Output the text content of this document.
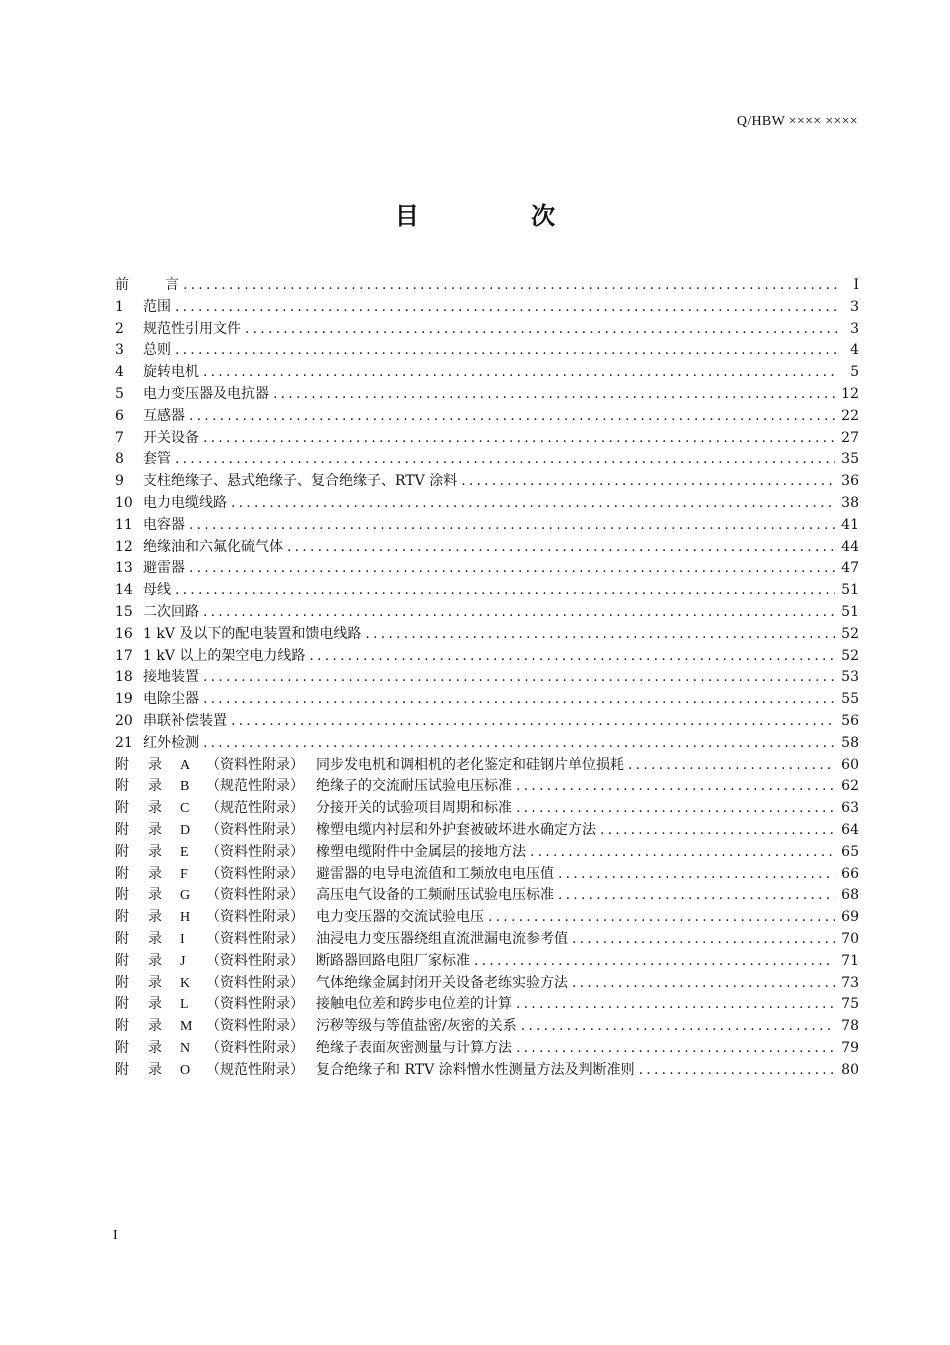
Q/HBW ×××× ××××
目 次
前	言 .....	I
1	范围 .....	3
2	规范性引用文件 .....	3
3	总则 .....	4
4	旋转电机 .....	5
5	电力变压器及电抗器 .....	12
6	互感器 .....	22
7	开关设备 .....	27
8	套管 .....	35
9	支柱绝缘子、悬式绝缘子、复合绝缘子、RTV 涂料 .....	36
10 电力电缆线路 .....	38
11 电容器 .....	41
12 绝缘油和六氟化硫气体 .....	44
13 避雷器 .....	47
14 母线 .....	51
15 二次回路 .....	51
16 1 kV 及以下的配电装置和馈电线路 .....	52
17 1 kV 以上的架空电力线路 .....	52
18 接地装置 .....	53
19 电除尘器 .....	55
20 串联补偿装置 .....	56
21 红外检测 .....	58
附	录	A （资料性附录） 同步发电机和调相机的老化鉴定和硅钢片单位损耗 .....	60
附	录	B （规范性附录） 绝缘子的交流耐压试验电压标准 .....	62
附	录	C （规范性附录） 分接开关的试验项目周期和标准 .....	63
附	录	D （资料性附录） 橡塑电缆内衬层和外护套被破坏进水确定方法 .....	64
附	录	E （资料性附录） 橡塑电缆附件中金属层的接地方法 .....	65
附	录	F （资料性附录） 避雷器的电导电流值和工频放电电压值 .....	66
附	录	G （资料性附录） 高压电气设备的工频耐压试验电压标准 .....	68
附	录	H （资料性附录） 电力变压器的交流试验电压 .....	69
附	录	I （资料性附录） 油浸电力变压器绕组直流泄漏电流参考值 .....	70
附	录	J （资料性附录） 断路器回路电阻厂家标准 .....	71
附	录	K （资料性附录） 气体绝缘金属封闭开关设备老练实验方法 .....	73
附	录	L （资料性附录） 接触电位差和跨步电位差的计算 .....	75
附	录	M （资料性附录） 污秽等级与等值盐密/灰密的关系 .....	78
附	录	N （资料性附录） 绝缘子表面灰密测量与计算方法 .....	79
附	录	O （规范性附录） 复合绝缘子和 RTV 涂料憎水性测量方法及判断准则 .....	80
I
